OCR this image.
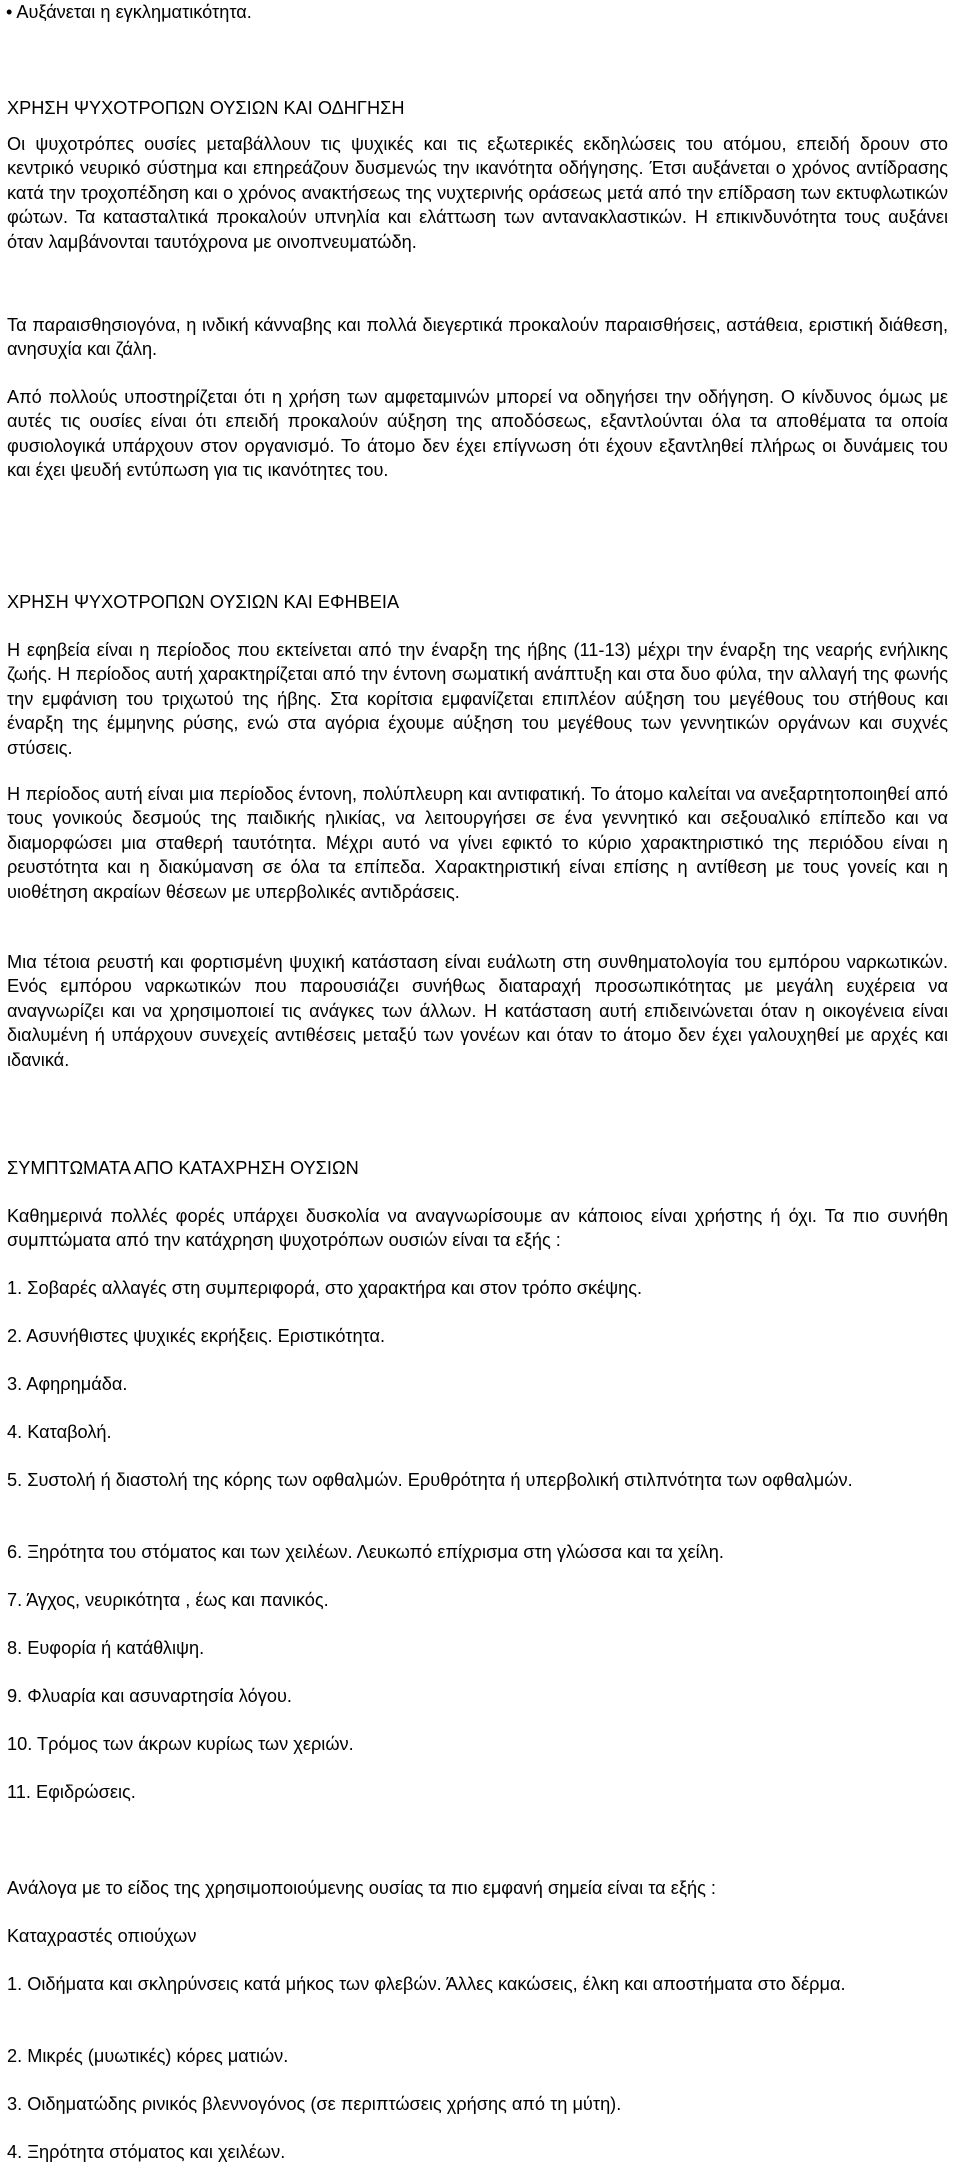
• Αυξάνεται η εγκληματικότητα.

ΧΡΗΣΗ ΨΥΧΟΤΡΟΠΩΝ ΟΥΣΙΩΝ ΚΑΙ ΟΔΗΓΗΣΗ

Οι ψυχοτρόπες ουσίες μεταβάλλουν τις ψυχικές και τις εξωτερικές εκδηλώσεις του ατόμου, επειδή δρουν στο κεντρικό νευρικό σύστημα και επηρεάζουν δυσμενώς την ικανότητα οδήγησης. Έτσι αυξάνεται ο χρόνος αντίδρασης κατά την τροχοπέδηση και ο χρόνος ανακτήσεως της νυχτερινής οράσεως μετά από την επίδραση των εκτυφλωτικών φώτων. Τα κατασταλτικά προκαλούν υπνηλία και ελάττωση των αντανακλαστικών. Η επικινδυνότητα τους αυξάνει όταν λαμβάνονται ταυτόχρονα με οινοπνευματώδη.

Τα παραισθησιογόνα, η ινδική κάνναβης και πολλά διεγερτικά προκαλούν παραισθήσεις, αστάθεια, εριστική διάθεση, ανησυχία και ζάλη.

Από πολλούς υποστηρίζεται ότι η χρήση των αμφεταμινών μπορεί να οδηγήσει την οδήγηση. Ο κίνδυνος όμως με αυτές τις ουσίες είναι ότι επειδή προκαλούν αύξηση της αποδόσεως, εξαντλούνται όλα τα αποθέματα τα οποία φυσιολογικά υπάρχουν στον οργανισμό. Το άτομο δεν έχει επίγνωση ότι έχουν εξαντληθεί πλήρως οι δυνάμεις του και έχει ψευδή εντύπωση για τις ικανότητες του.

ΧΡΗΣΗ ΨΥΧΟΤΡΟΠΩΝ ΟΥΣΙΩΝ ΚΑΙ ΕΦΗΒΕΙΑ

Η εφηβεία είναι η περίοδος που εκτείνεται από την έναρξη της ήβης (11-13) μέχρι την έναρξη της νεαρής ενήλικης ζωής. Η περίοδος αυτή χαρακτηρίζεται από την έντονη σωματική ανάπτυξη και στα δυο φύλα, την αλλαγή της φωνής την εμφάνιση του τριχωτού της ήβης. Στα κορίτσια εμφανίζεται επιπλέον αύξηση του μεγέθους του στήθους και έναρξη της έμμηνης ρύσης, ενώ στα αγόρια έχουμε αύξηση του μεγέθους των γεννητικών οργάνων και συχνές στύσεις.

Η περίοδος αυτή είναι μια περίοδος έντονη, πολύπλευρη και αντιφατική. Το άτομο καλείται να ανεξαρτητοποιηθεί από τους γονικούς δεσμούς της παιδικής ηλικίας, να λειτουργήσει σε ένα γεννητικό και σεξουαλικό επίπεδο και να διαμορφώσει μια σταθερή ταυτότητα. Μέχρι αυτό να γίνει εφικτό το κύριο χαρακτηριστικό της περιόδου είναι η ρευστότητα και η διακύμανση σε όλα τα επίπεδα. Χαρακτηριστική είναι επίσης η αντίθεση με τους γονείς και η υιοθέτηση ακραίων θέσεων με υπερβολικές αντιδράσεις.

Μια τέτοια ρευστή και φορτισμένη ψυχική κατάσταση είναι ευάλωτη στη συνθηματολογία του εμπόρου ναρκωτικών. Ενός εμπόρου ναρκωτικών που παρουσιάζει συνήθως διαταραχή προσωπικότητας με μεγάλη ευχέρεια να αναγνωρίζει και να χρησιμοποιεί τις ανάγκες των άλλων. Η κατάσταση αυτή επιδεινώνεται όταν η οικογένεια είναι διαλυμένη ή υπάρχουν συνεχείς αντιθέσεις μεταξύ των γονέων και όταν το άτομο δεν έχει γαλουχηθεί με αρχές και ιδανικά.

ΣΥΜΠΤΩΜΑΤΑ ΑΠΟ ΚΑΤΑΧΡΗΣΗ ΟΥΣΙΩΝ

Καθημερινά πολλές φορές υπάρχει δυσκολία να αναγνωρίσουμε αν κάποιος είναι χρήστης ή όχι. Τα πιο συνήθη συμπτώματα από την κατάχρηση ψυχοτρόπων ουσιών είναι τα εξής :

1. Σοβαρές αλλαγές στη συμπεριφορά, στο χαρακτήρα και στον τρόπο σκέψης.

2. Ασυνήθιστες ψυχικές εκρήξεις. Εριστικότητα.

3. Αφηρημάδα.

4. Καταβολή.

5. Συστολή ή διαστολή της κόρης των οφθαλμών. Ερυθρότητα ή υπερβολική στιλπνότητα των οφθαλμών.

6. Ξηρότητα του στόματος και των χειλέων. Λευκωπό επίχρισμα στη γλώσσα και τα χείλη.

7. Άγχος, νευρικότητα , έως και πανικός.

8. Ευφορία ή κατάθλιψη.

9. Φλυαρία και ασυναρτησία λόγου.

10. Τρόμος των άκρων κυρίως των χεριών.

11. Εφιδρώσεις.

Ανάλογα με το είδος της χρησιμοποιούμενης ουσίας τα πιο εμφανή σημεία είναι τα εξής :

Καταχραστές οπιούχων

1. Οιδήματα και σκληρύνσεις κατά μήκος των φλεβών. Άλλες κακώσεις, έλκη και αποστήματα στο δέρμα.

2. Μικρές (μυωτικές) κόρες ματιών.

3. Οιδηματώδης ρινικός βλεννογόνος (σε περιπτώσεις χρήσης από τη μύτη).

4. Ξηρότητα στόματος και χειλέων.
